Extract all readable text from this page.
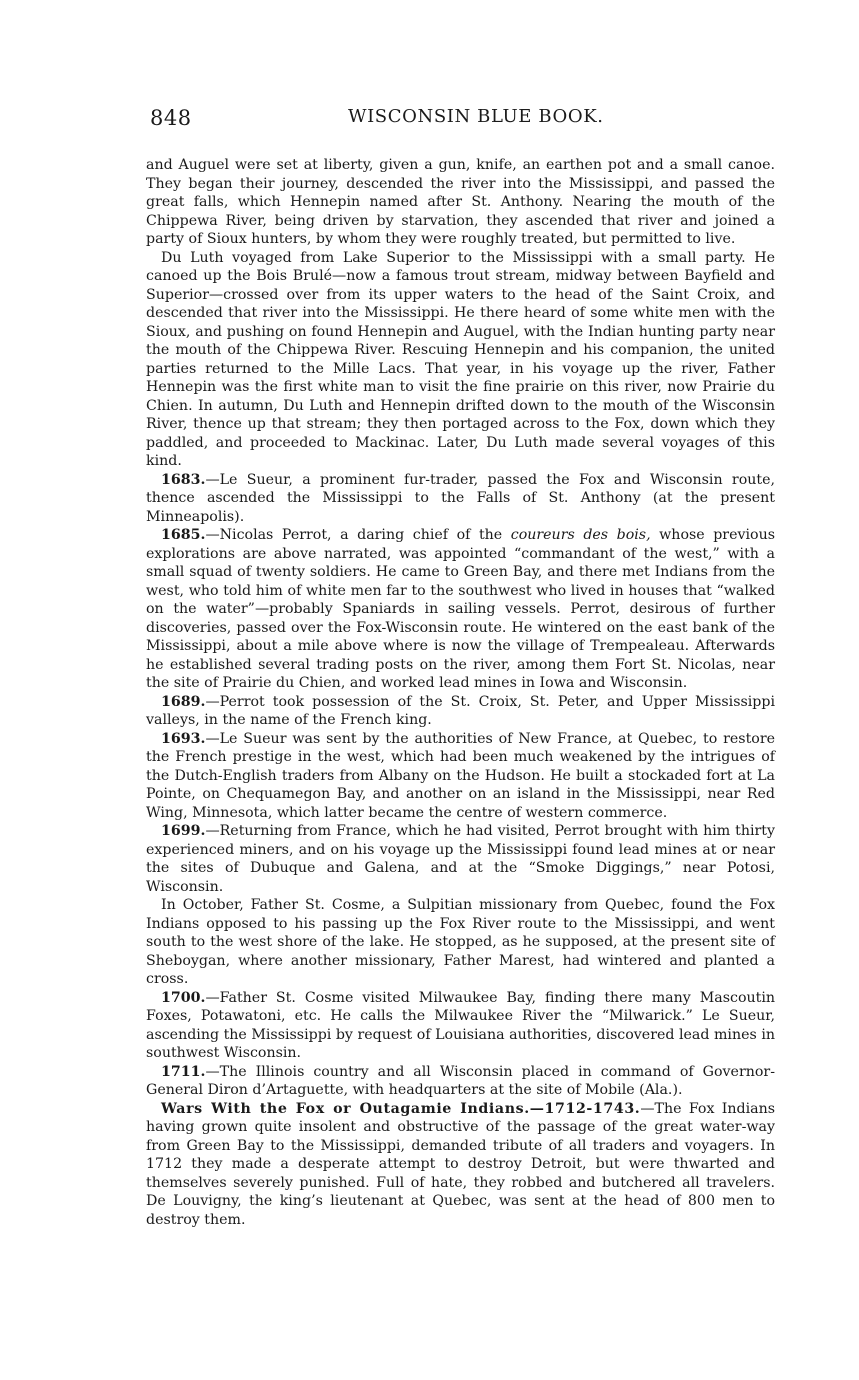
848	WISCONSIN BLUE BOOK.

and Auguel were set at liberty, given a gun, knife, an earthen pot and a small canoe. They began their journey, descended the river into the Mississippi, and passed the great falls, which Hennepin named after St. Anthony. Nearing the mouth of the Chippewa River, being driven by starvation, they ascended that river and joined a party of Sioux hunters, by whom they were roughly treated, but permitted to live.

Du Luth voyaged from Lake Superior to the Mississippi with a small party. He canoed up the Bois Brulé—now a famous trout stream, midway between Bayfield and Superior—crossed over from its upper waters to the head of the Saint Croix, and descended that river into the Mississippi. He there heard of some white men with the Sioux, and pushing on found Hennepin and Auguel, with the Indian hunting party near the mouth of the Chippewa River. Rescuing Hennepin and his companion, the united parties returned to the Mille Lacs. That year, in his voyage up the river, Father Hennepin was the first white man to visit the fine prairie on this river, now Prairie du Chien. In autumn, Du Luth and Hennepin drifted down to the mouth of the Wisconsin River, thence up that stream; they then portaged across to the Fox, down which they paddled, and proceeded to Mackinac. Later, Du Luth made several voyages of this kind.

1683.—Le Sueur, a prominent fur-trader, passed the Fox and Wisconsin route, thence ascended the Mississippi to the Falls of St. Anthony (at the present Minneapolis).

1685.—Nicolas Perrot, a daring chief of the coureurs des bois, whose previous explorations are above narrated, was appointed “commandant of the west,” with a small squad of twenty soldiers. He came to Green Bay, and there met Indians from the west, who told him of white men far to the southwest who lived in houses that “walked on the water”—probably Spaniards in sailing vessels. Perrot, desirous of further discoveries, passed over the Fox-Wisconsin route. He wintered on the east bank of the Mississippi, about a mile above where is now the village of Trempealeau. Afterwards he established several trading posts on the river, among them Fort St. Nicolas, near the site of Prairie du Chien, and worked lead mines in Iowa and Wisconsin.

1689.—Perrot took possession of the St. Croix, St. Peter, and Upper Mississippi valleys, in the name of the French king.

1693.—Le Sueur was sent by the authorities of New France, at Quebec, to restore the French prestige in the west, which had been much weakened by the intrigues of the Dutch-English traders from Albany on the Hudson. He built a stockaded fort at La Pointe, on Chequamegon Bay, and another on an island in the Mississippi, near Red Wing, Minnesota, which latter became the centre of western commerce.

1699.—Returning from France, which he had visited, Perrot brought with him thirty experienced miners, and on his voyage up the Mississippi found lead mines at or near the sites of Dubuque and Galena, and at the “Smoke Diggings,” near Potosi, Wisconsin.

In October, Father St. Cosme, a Sulpitian missionary from Quebec, found the Fox Indians opposed to his passing up the Fox River route to the Mississippi, and went south to the west shore of the lake. He stopped, as he supposed, at the present site of Sheboygan, where another missionary, Father Marest, had wintered and planted a cross.

1700.—Father St. Cosme visited Milwaukee Bay, finding there many Mascoutin Foxes, Potawatoni, etc. He calls the Milwaukee River the “Milwarick.” Le Sueur, ascending the Mississippi by request of Louisiana authorities, discovered lead mines in southwest Wisconsin.

1711.—The Illinois country and all Wisconsin placed in command of Governor-General Diron d’Artaguette, with headquarters at the site of Mobile (Ala.).

Wars With the Fox or Outagamie Indians.—1712-1743.—The Fox Indians having grown quite insolent and obstructive of the passage of the great water-way from Green Bay to the Mississippi, demanded tribute of all traders and voyagers. In 1712 they made a desperate attempt to destroy Detroit, but were thwarted and themselves severely punished. Full of hate, they robbed and butchered all travelers. De Louvigny, the king’s lieutenant at Quebec, was sent at the head of 800 men to destroy them.
